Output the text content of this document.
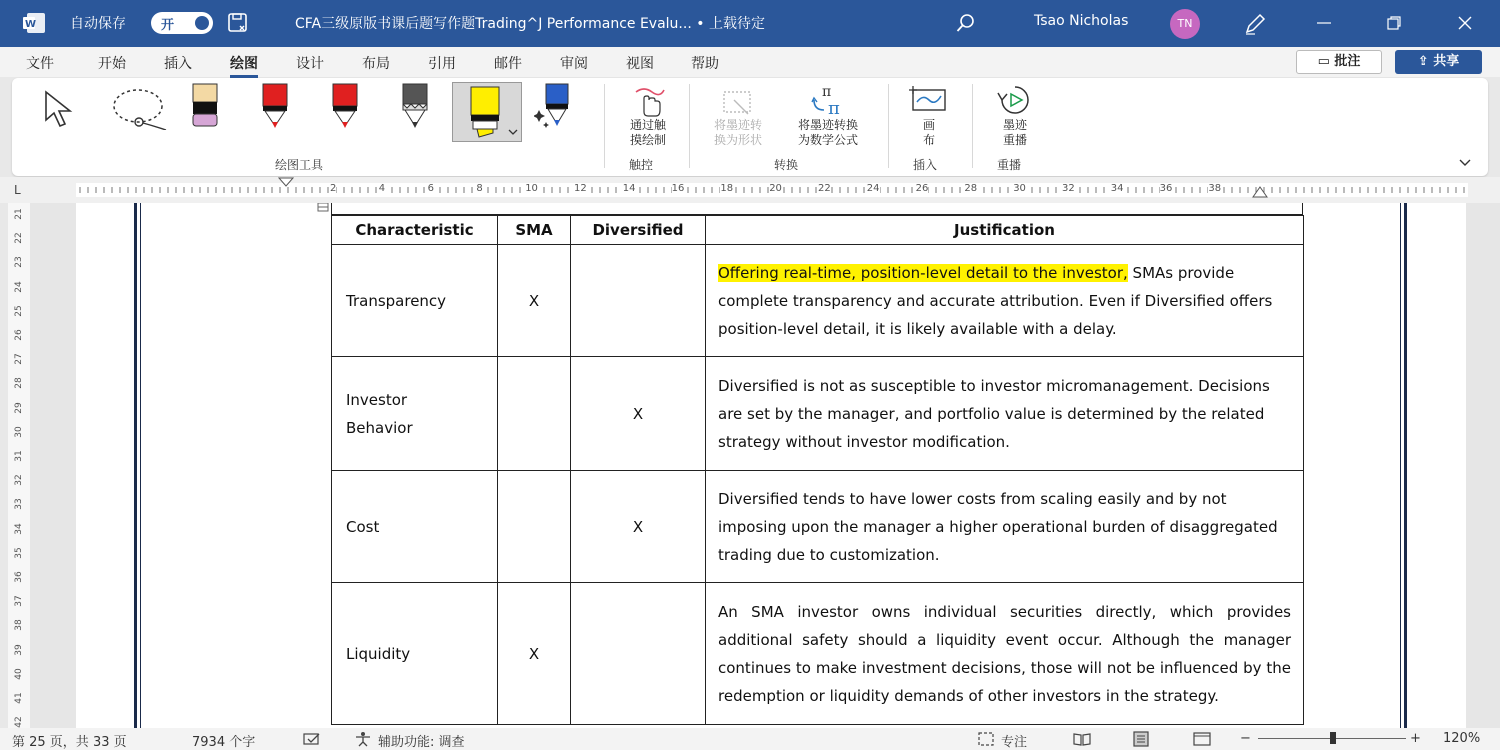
W 自动保存	开	CFA三级原版书课后题写作题Trading^J Performance Evalu... • 上载待定	Tsao Nicholas	TN
文件	开始	插入	绘图	设计	布局	引用	邮件	审阅	视图	帮助	▭ 批注	⇪ 共享
绘图工具
通过触
摸绘制
触控
将墨迹转
换为形状
π
π
将墨迹转换
为数学公式
转换
画
布
插入
墨迹
重播
重播
L	2	4	6	8	10	12	14	16	18	20	22	24	26	28	30	32	34	36	38
21
22
23
24
25
26
27
28
29
30
31
32
33
34
35
36
37
38
39
40
41
42
Characteristic	SMA	Diversified	Justification
Transparency	X		Offering real-time, position-level detail to the investor, SMAs provide complete transparency and accurate attribution. Even if Diversified offers position-level detail, it is likely available with a delay.
Investor
Behavior		X	Diversified is not as susceptible to investor micromanagement. Decisions are set by the manager, and portfolio value is determined by the related strategy without investor modification.
Cost		X	Diversified tends to have lower costs from scaling easily and by not imposing upon the manager a higher operational burden of disaggregated trading due to customization.
Liquidity	X		An SMA investor owns individual securities directly, which provides additional safety should a liquidity event occur. Although the manager continues to make investment decisions, those will not be influenced by the redemption or liquidity demands of other investors in the strategy.
第 25 页，共 33 页	7934 个字	辅助功能: 调查	专注	−	+ 120%
